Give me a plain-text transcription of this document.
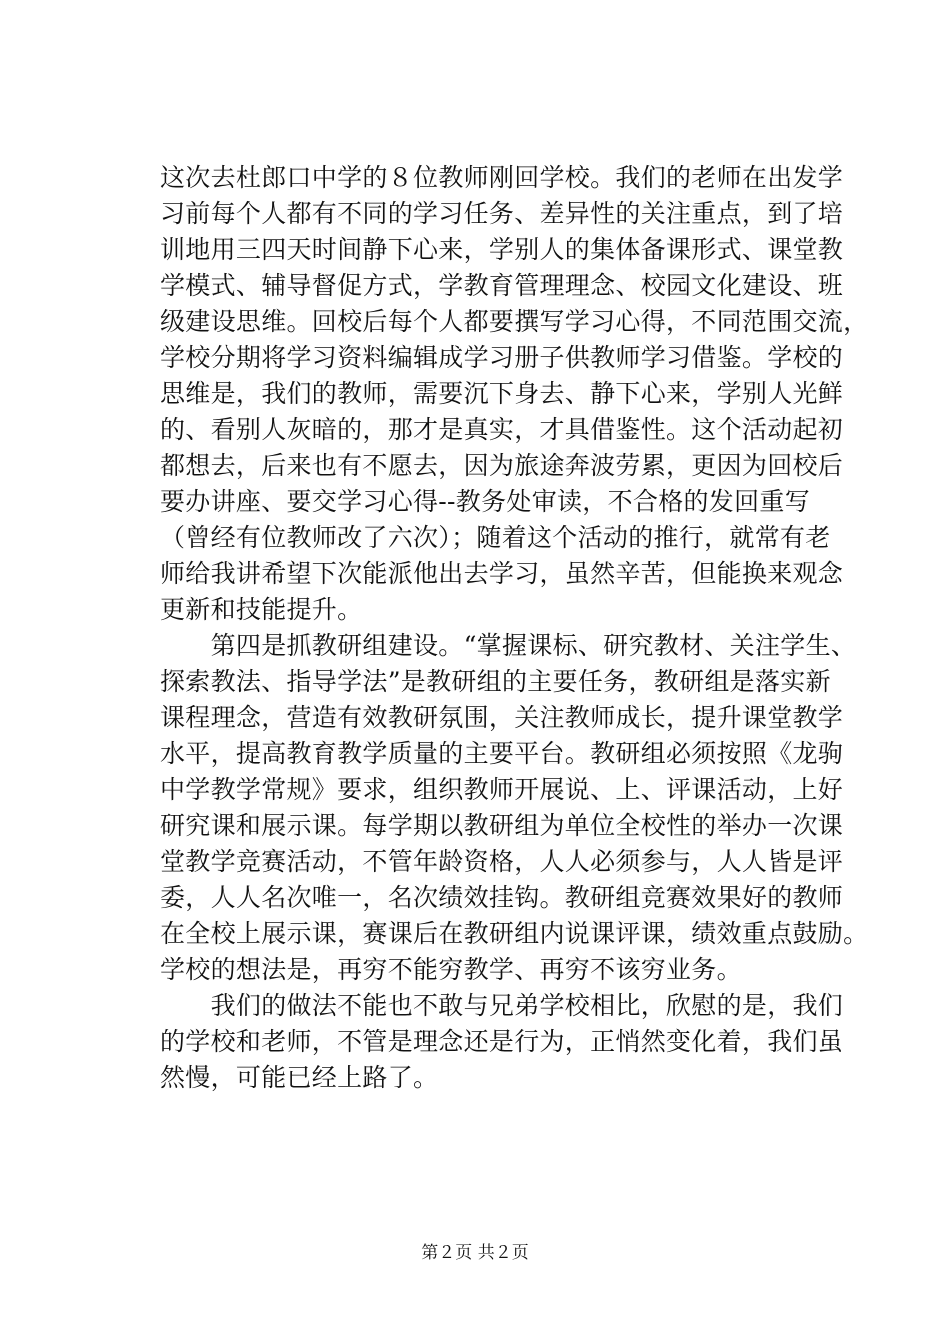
这次去杜郎口中学的８位教师刚回学校。我们的老师在出发学
习前每个人都有不同的学习任务、差异性的关注重点，到了培
训地用三四天时间静下心来，学别人的集体备课形式、课堂教
学模式、辅导督促方式，学教育管理理念、校园文化建设、班
级建设思维。回校后每个人都要撰写学习心得，不同范围交流，
学校分期将学习资料编辑成学习册子供教师学习借鉴。学校的
思维是，我们的教师，需要沉下身去、静下心来，学别人光鲜
的、看别人灰暗的，那才是真实，才具借鉴性。这个活动起初
都想去，后来也有不愿去，因为旅途奔波劳累，更因为回校后
要办讲座、要交学习心得--教务处审读，不合格的发回重写
（曾经有位教师改了六次）；随着这个活动的推行，就常有老
师给我讲希望下次能派他出去学习，虽然辛苦，但能换来观念
更新和技能提升。
　　第四是抓教研组建设。“掌握课标、研究教材、关注学生、
探索教法、指导学法”是教研组的主要任务，教研组是落实新
课程理念，营造有效教研氛围，关注教师成长，提升课堂教学
水平，提高教育教学质量的主要平台。教研组必须按照《龙驹
中学教学常规》要求，组织教师开展说、上、评课活动，上好
研究课和展示课。每学期以教研组为单位全校性的举办一次课
堂教学竞赛活动，不管年龄资格，人人必须参与，人人皆是评
委，人人名次唯一，名次绩效挂钩。教研组竞赛效果好的教师
在全校上展示课，赛课后在教研组内说课评课，绩效重点鼓励。
学校的想法是，再穷不能穷教学、再穷不该穷业务。
　　我们的做法不能也不敢与兄弟学校相比，欣慰的是，我们
的学校和老师，不管是理念还是行为，正悄然变化着，我们虽
然慢，可能已经上路了。
第２页 共２页
